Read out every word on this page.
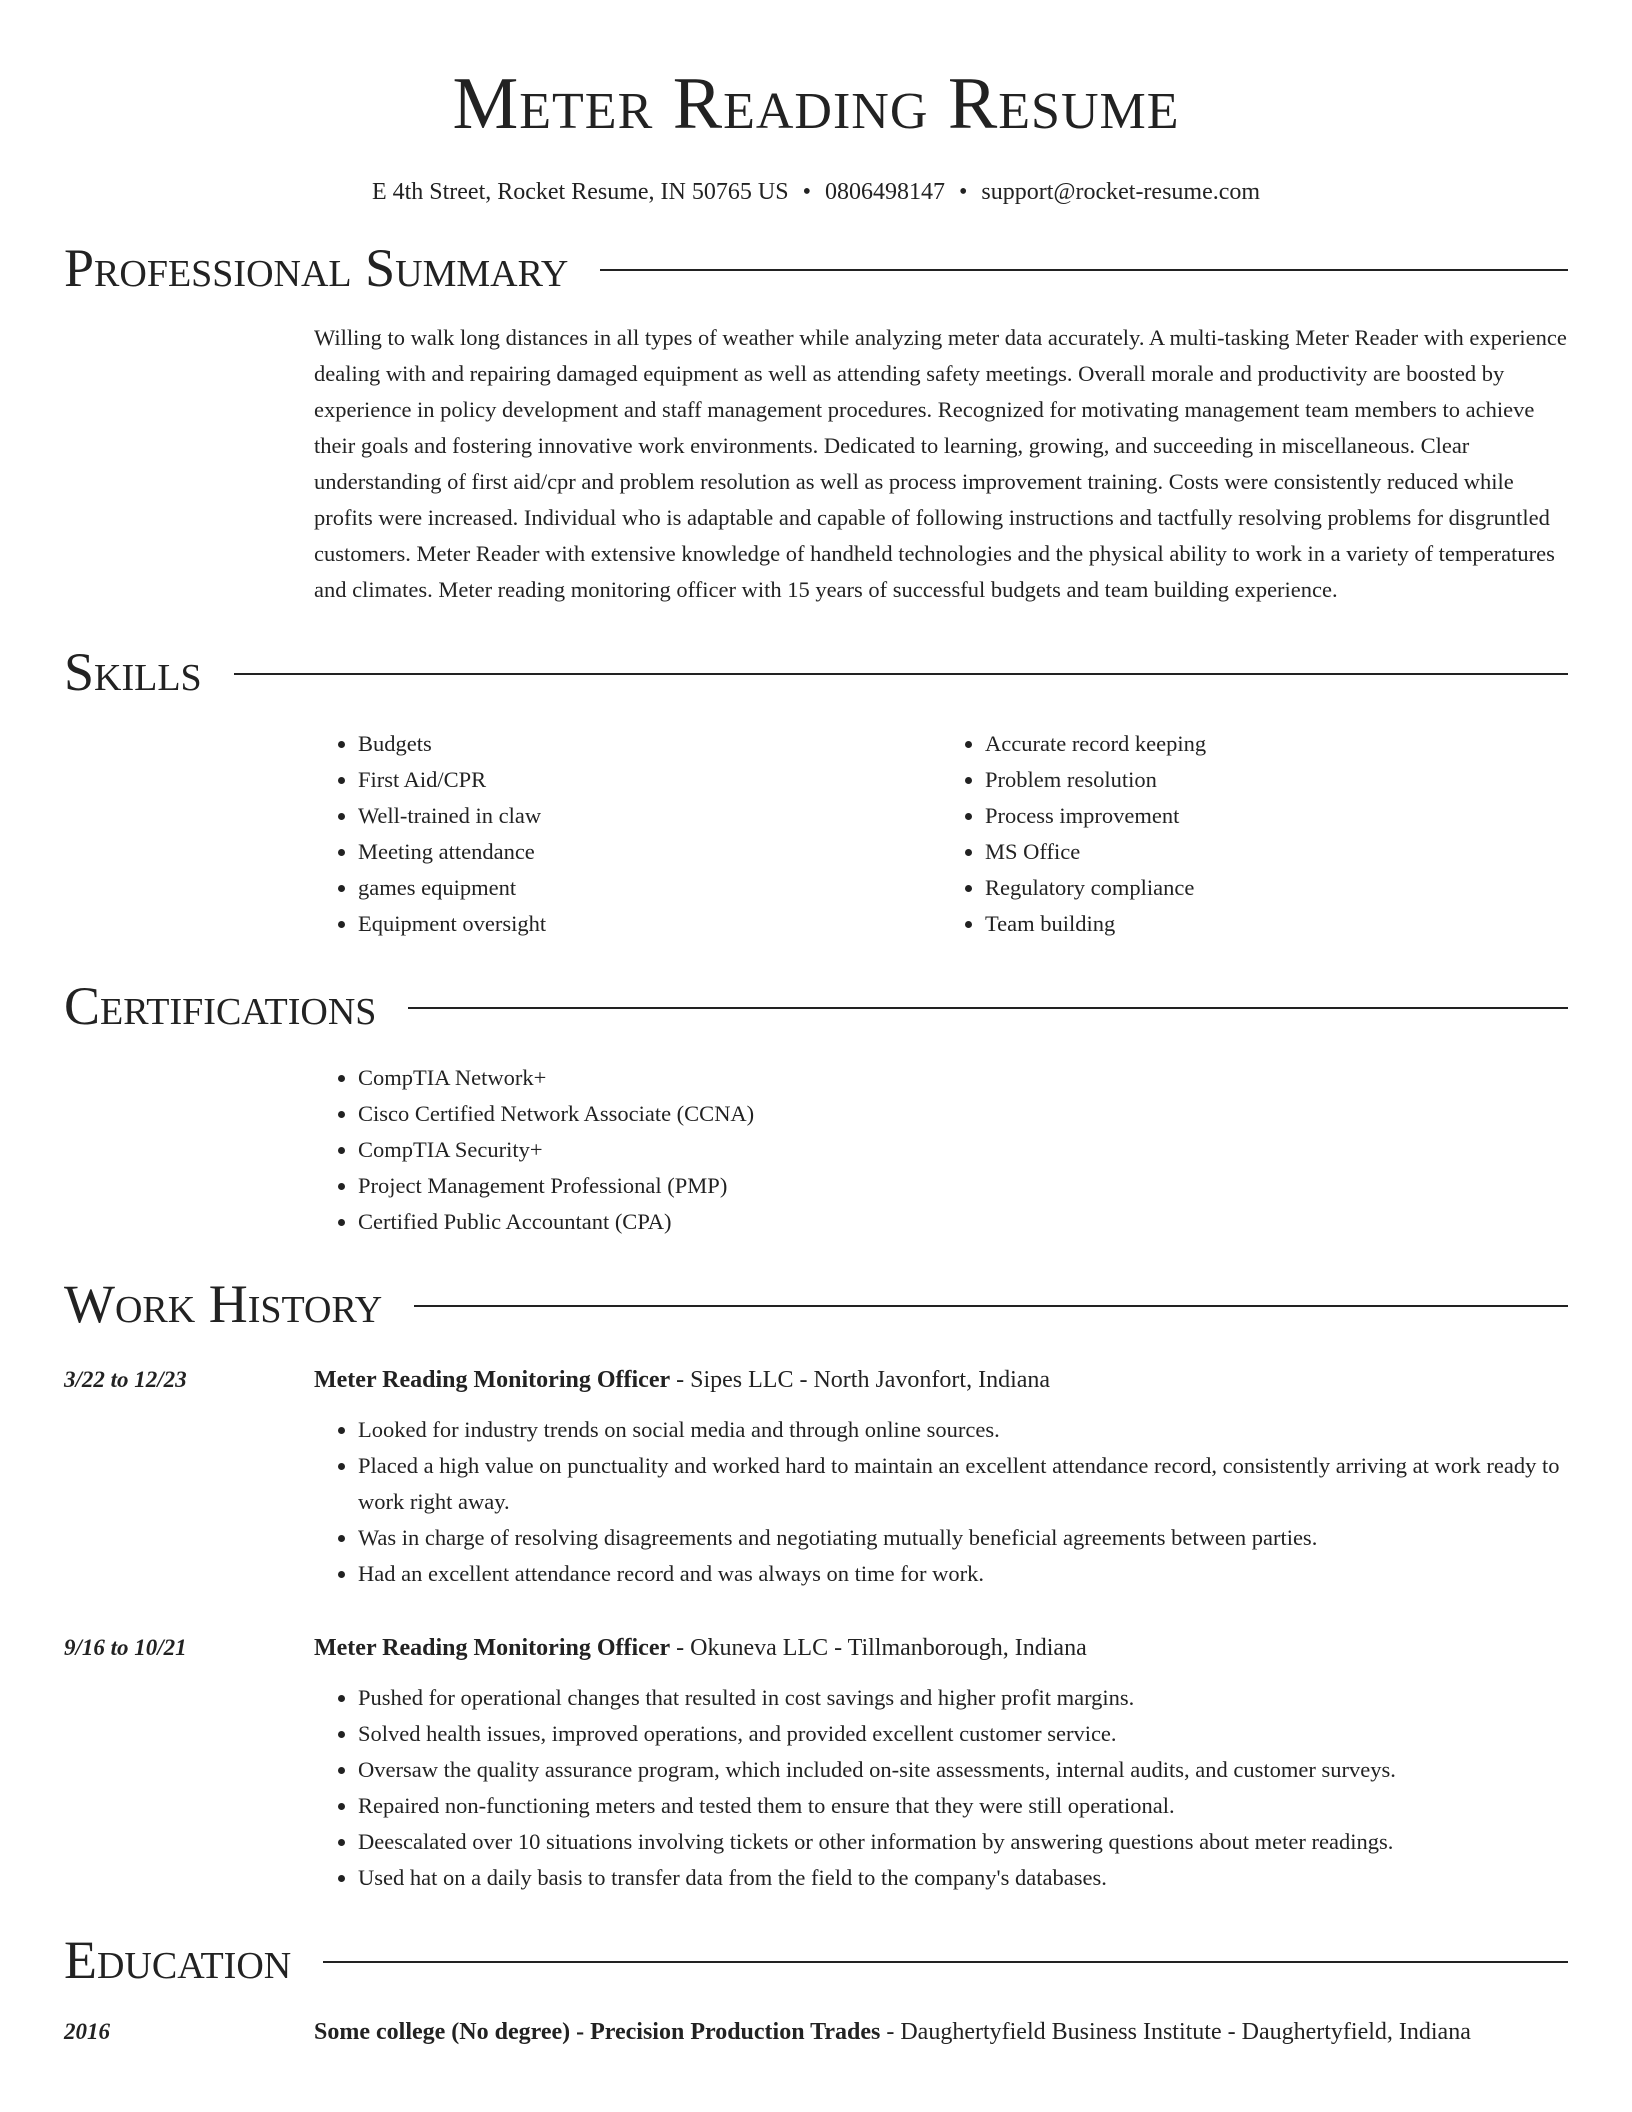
Meter Reading Resume
E 4th Street, Rocket Resume, IN 50765 US • 0806498147 • support@rocket-resume.com
Professional Summary
Willing to walk long distances in all types of weather while analyzing meter data accurately. A multi-tasking Meter Reader with experience dealing with and repairing damaged equipment as well as attending safety meetings. Overall morale and productivity are boosted by experience in policy development and staff management procedures. Recognized for motivating management team members to achieve their goals and fostering innovative work environments. Dedicated to learning, growing, and succeeding in miscellaneous. Clear understanding of first aid/cpr and problem resolution as well as process improvement training. Costs were consistently reduced while profits were increased. Individual who is adaptable and capable of following instructions and tactfully resolving problems for disgruntled customers. Meter Reader with extensive knowledge of handheld technologies and the physical ability to work in a variety of temperatures and climates. Meter reading monitoring officer with 15 years of successful budgets and team building experience.
Skills
• Budgets
• First Aid/CPR
• Well-trained in claw
• Meeting attendance
• games equipment
• Equipment oversight
• Accurate record keeping
• Problem resolution
• Process improvement
• MS Office
• Regulatory compliance
• Team building
Certifications
• CompTIA Network+
• Cisco Certified Network Associate (CCNA)
• CompTIA Security+
• Project Management Professional (PMP)
• Certified Public Accountant (CPA)
Work History
3/22 to 12/23	Meter Reading Monitoring Officer - Sipes LLC - North Javonfort, Indiana
• Looked for industry trends on social media and through online sources.
• Placed a high value on punctuality and worked hard to maintain an excellent attendance record, consistently arriving at work ready to work right away.
• Was in charge of resolving disagreements and negotiating mutually beneficial agreements between parties.
• Had an excellent attendance record and was always on time for work.
9/16 to 10/21	Meter Reading Monitoring Officer - Okuneva LLC - Tillmanborough, Indiana
• Pushed for operational changes that resulted in cost savings and higher profit margins.
• Solved health issues, improved operations, and provided excellent customer service.
• Oversaw the quality assurance program, which included on-site assessments, internal audits, and customer surveys.
• Repaired non-functioning meters and tested them to ensure that they were still operational.
• Deescalated over 10 situations involving tickets or other information by answering questions about meter readings.
• Used hat on a daily basis to transfer data from the field to the company's databases.
Education
2016	Some college (No degree) - Precision Production Trades - Daughertyfield Business Institute - Daughertyfield, Indiana
